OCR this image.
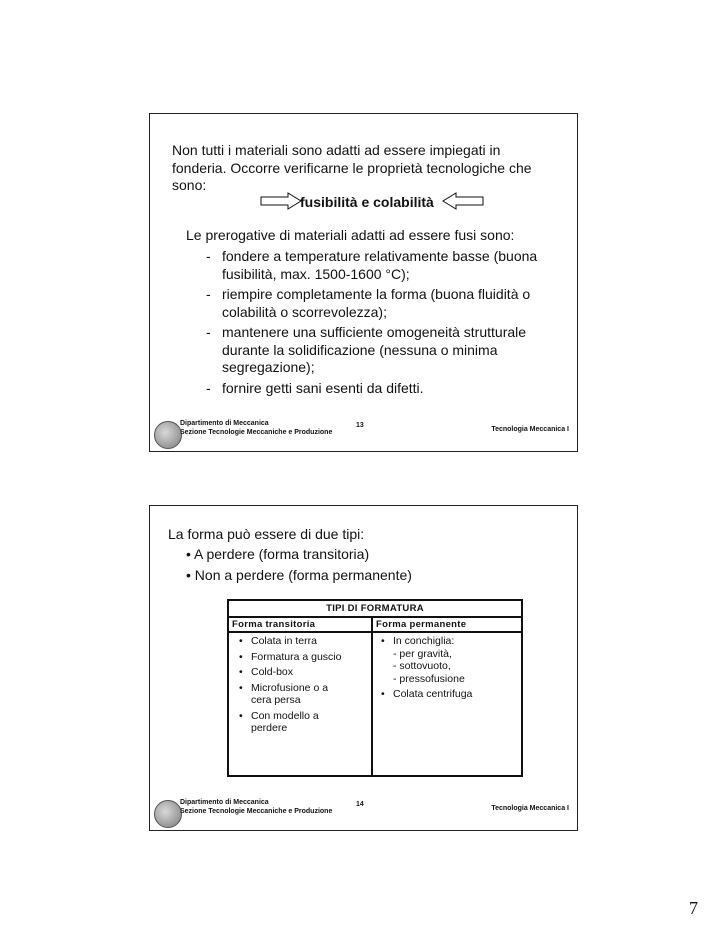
Non tutti i materiali sono adatti ad essere impiegati in
fonderia. Occorre verificarne le proprietà tecnologiche che
sono:
fusibilità e colabilità
Le prerogative di materiali adatti ad essere fusi sono:
- fondere a temperature relativamente basse (buona
fusibilità, max. 1500-1600 °C);
- riempire completamente la forma (buona fluidità o
colabilità o scorrevolezza);
- mantenere una sufficiente omogeneità strutturale
durante la solidificazione (nessuna o minima
segregazione);
- fornire getti sani esenti da difetti.
Dipartimento di Meccanica
Sezione Tecnologie Meccaniche e Produzione
13
Tecnologia Meccanica I
La forma può essere di due tipi:
• A perdere (forma transitoria)
• Non a perdere (forma permanente)
TIPI DI FORMATURA
Forma transitoria	Forma permanente
• Colata in terra
• Formatura a guscio
• Cold-box
• Microfusione o a
cera persa
• Con modello a
perdere
• In conchiglia:
- per gravità,
- sottovuoto,
- pressofusione
• Colata centrifuga
Dipartimento di Meccanica
Sezione Tecnologie Meccaniche e Produzione
14
Tecnologia Meccanica I
7
